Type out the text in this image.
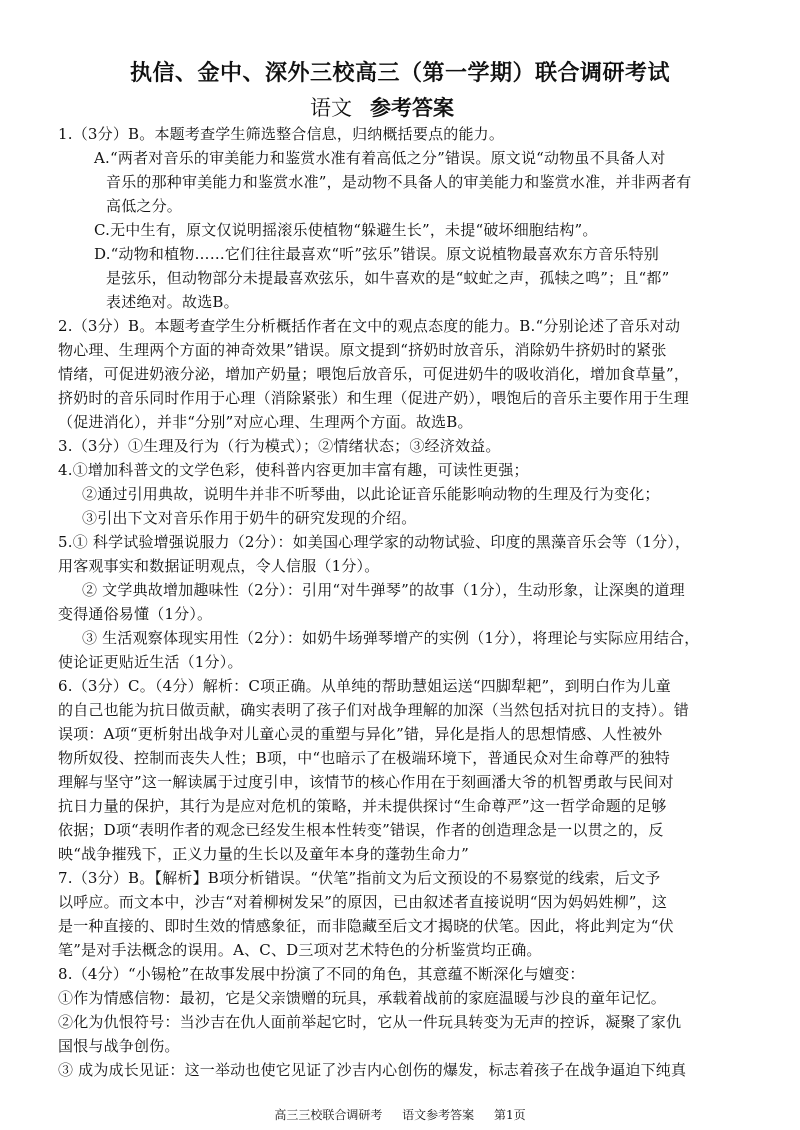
执信、金中、深外三校高三（第一学期）联合调研考试
语文 参考答案
1.（3分）B。本题考查学生筛选整合信息，归纳概括要点的能力。
A.“两者对音乐的审美能力和鉴赏水准有着高低之分”错误。原文说“动物虽不具备人对
音乐的那种审美能力和鉴赏水准”，是动物不具备人的审美能力和鉴赏水准，并非两者有
高低之分。
C.无中生有，原文仅说明摇滚乐使植物“躲避生长”，未提“破坏细胞结构”。
D.“动物和植物……它们往往最喜欢“听”弦乐”错误。原文说植物最喜欢东方音乐特别
是弦乐，但动物部分未提最喜欢弦乐，如牛喜欢的是“蚊虻之声，孤犊之鸣”；且“都”
表述绝对。故选B。
2.（3分）B。本题考查学生分析概括作者在文中的观点态度的能力。B.“分别论述了音乐对动
物心理、生理两个方面的神奇效果”错误。原文提到“挤奶时放音乐，消除奶牛挤奶时的紧张
情绪，可促进奶液分泌，增加产奶量；喂饱后放音乐，可促进奶牛的吸收消化，增加食草量”，
挤奶时的音乐同时作用于心理（消除紧张）和生理（促进产奶），喂饱后的音乐主要作用于生理
（促进消化），并非“分别”对应心理、生理两个方面。故选B。
3.（3分）①生理及行为（行为模式）；②情绪状态；③经济效益。
4.①增加科普文的文学色彩，使科普内容更加丰富有趣，可读性更强；
②通过引用典故，说明牛并非不听琴曲，以此论证音乐能影响动物的生理及行为变化；
③引出下文对音乐作用于奶牛的研究发现的介绍。
5.① 科学试验增强说服力（2分）：如美国心理学家的动物试验、印度的黑藻音乐会等（1分），
用客观事实和数据证明观点，令人信服（1分）。
② 文学典故增加趣味性（2分）：引用“对牛弹琴”的故事（1分），生动形象，让深奥的道理
变得通俗易懂（1分）。
③ 生活观察体现实用性（2分）：如奶牛场弹琴增产的实例（1分），将理论与实际应用结合，
使论证更贴近生活（1分）。
6.（3分）C。（4分）解析：C项正确。从单纯的帮助慧姐运送“四脚犁耙”，到明白作为儿童
的自己也能为抗日做贡献，确实表明了孩子们对战争理解的加深（当然包括对抗日的支持）。错
误项：A项“更析射出战争对儿童心灵的重塑与异化”错，异化是指人的思想情感、人性被外
物所奴役、控制而丧失人性；B项，中“也暗示了在极端环境下，普通民众对生命尊严的独特
理解与坚守”这一解读属于过度引申，该情节的核心作用在于刻画潘大爷的机智勇敢与民间对
抗日力量的保护，其行为是应对危机的策略，并未提供探讨“生命尊严”这一哲学命题的足够
依据；D项“表明作者的观念已经发生根本性转变”错误，作者的创造理念是一以贯之的，反
映“战争摧残下，正义力量的生长以及童年本身的蓬勃生命力”
7.（3分）B。【解析】B项分析错误。“伏笔”指前文为后文预设的不易察觉的线索，后文予
以呼应。而文本中，沙吉“对着柳树发呆”的原因，已由叙述者直接说明“因为妈妈姓柳”，这
是一种直接的、即时生效的情感象征，而非隐藏至后文才揭晓的伏笔。因此，将此判定为“伏
笔”是对手法概念的误用。A、C、D三项对艺术特色的分析鉴赏均正确。
8.（4分）“小锡枪”在故事发展中扮演了不同的角色，其意蕴不断深化与嬗变：
①作为情感信物：最初，它是父亲馈赠的玩具，承载着战前的家庭温暖与沙良的童年记忆。
②化为仇恨符号：当沙吉在仇人面前举起它时，它从一件玩具转变为无声的控诉，凝聚了家仇
国恨与战争创伤。
③ 成为成长见证：这一举动也使它见证了沙吉内心创伤的爆发，标志着孩子在战争逼迫下纯真
高三三校联合调研考 语文参考答案 第1页
